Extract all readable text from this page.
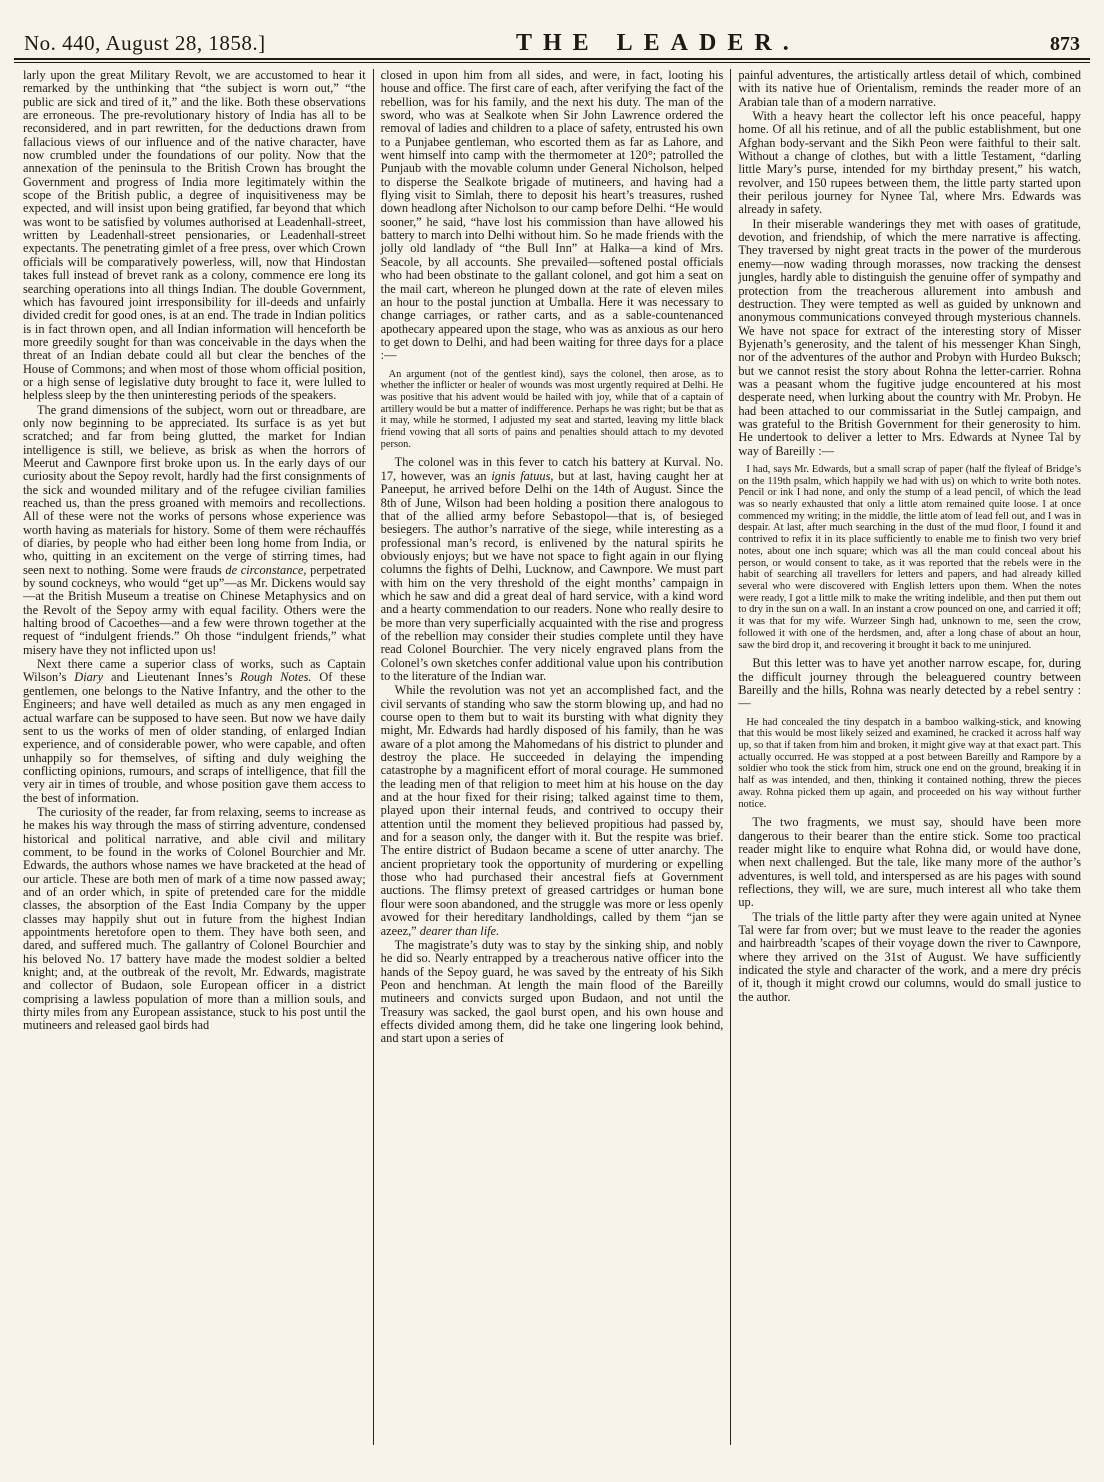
No. 440, August 28, 1858.]	THE LEADER.	873

larly upon the great Military Revolt, we are accustomed to hear it remarked by the unthinking that “the subject is worn out,” “the public are sick and tired of it,” and the like. Both these observations are erroneous. The pre-revolutionary history of India has all to be reconsidered, and in part rewritten, for the deductions drawn from fallacious views of our influence and of the native character, have now crumbled under the foundations of our polity. Now that the annexation of the peninsula to the British Crown has brought the Government and progress of India more legitimately within the scope of the British public, a degree of inquisitiveness may be expected, and will insist upon being gratified, far beyond that which was wont to be satisfied by volumes authorised at Leadenhall-street, written by Leadenhall-street pensionaries, or Leadenhall-street expectants. The penetrating gimlet of a free press, over which Crown officials will be comparatively powerless, will, now that Hindostan takes full instead of brevet rank as a colony, commence ere long its searching operations into all things Indian. The double Government, which has favoured joint irresponsibility for ill-deeds and unfairly divided credit for good ones, is at an end. The trade in Indian politics is in fact thrown open, and all Indian information will henceforth be more greedily sought for than was conceivable in the days when the threat of an Indian debate could all but clear the benches of the House of Commons; and when most of those whom official position, or a high sense of legislative duty brought to face it, were lulled to helpless sleep by the then uninteresting periods of the speakers.

The grand dimensions of the subject, worn out or threadbare, are only now beginning to be appreciated. Its surface is as yet but scratched; and far from being glutted, the market for Indian intelligence is still, we believe, as brisk as when the horrors of Meerut and Cawnpore first broke upon us. In the early days of our curiosity about the Sepoy revolt, hardly had the first consignments of the sick and wounded military and of the refugee civilian families reached us, than the press groaned with memoirs and recollections. All of these were not the works of persons whose experience was worth having as materials for history. Some of them were réchauffés of diaries, by people who had either been long home from India, or who, quitting in an excitement on the verge of stirring times, had seen next to nothing. Some were frauds de circonstance, perpetrated by sound cockneys, who would “get up”—as Mr. Dickens would say—at the British Museum a treatise on Chinese Metaphysics and on the Revolt of the Sepoy army with equal facility. Others were the halting brood of Cacoethes—and a few were thrown together at the request of “indulgent friends.” Oh those “indulgent friends,” what misery have they not inflicted upon us!

Next there came a superior class of works, such as Captain Wilson’s Diary and Lieutenant Innes’s Rough Notes. Of these gentlemen, one belongs to the Native Infantry, and the other to the Engineers; and have well detailed as much as any men engaged in actual warfare can be supposed to have seen. But now we have daily sent to us the works of men of older standing, of enlarged Indian experience, and of considerable power, who were capable, and often unhappily so for themselves, of sifting and duly weighing the conflicting opinions, rumours, and scraps of intelligence, that fill the very air in times of trouble, and whose position gave them access to the best of information.

The curiosity of the reader, far from relaxing, seems to increase as he makes his way through the mass of stirring adventure, condensed historical and political narrative, and able civil and military comment, to be found in the works of Colonel Bourchier and Mr. Edwards, the authors whose names we have bracketed at the head of our article. These are both men of mark of a time now passed away; and of an order which, in spite of pretended care for the middle classes, the absorption of the East India Company by the upper classes may happily shut out in future from the highest Indian appointments heretofore open to them. They have both seen, and dared, and suffered much. The gallantry of Colonel Bourchier and his beloved No. 17 battery have made the modest soldier a belted knight; and, at the outbreak of the revolt, Mr. Edwards, magistrate and collector of Budaon, sole European officer in a district comprising a lawless population of more than a million souls, and thirty miles from any European assistance, stuck to his post until the mutineers and released gaol birds had

closed in upon him from all sides, and were, in fact, looting his house and office. The first care of each, after verifying the fact of the rebellion, was for his family, and the next his duty. The man of the sword, who was at Sealkote when Sir John Lawrence ordered the removal of ladies and children to a place of safety, entrusted his own to a Punjabee gentleman, who escorted them as far as Lahore, and went himself into camp with the thermometer at 120°; patrolled the Punjaub with the movable column under General Nicholson, helped to disperse the Sealkote brigade of mutineers, and having had a flying visit to Simlah, there to deposit his heart’s treasures, rushed down headlong after Nicholson to our camp before Delhi. “He would sooner,” he said, “have lost his commission than have allowed his battery to march into Delhi without him. So he made friends with the jolly old landlady of “the Bull Inn” at Halka—a kind of Mrs. Seacole, by all accounts. She prevailed—softened postal officials who had been obstinate to the gallant colonel, and got him a seat on the mail cart, whereon he plunged down at the rate of eleven miles an hour to the postal junction at Umballa. Here it was necessary to change carriages, or rather carts, and as a sable-countenanced apothecary appeared upon the stage, who was as anxious as our hero to get down to Delhi, and had been waiting for three days for a place :—

An argument (not of the gentlest kind), says the colonel, then arose, as to whether the inflicter or healer of wounds was most urgently required at Delhi. He was positive that his advent would be hailed with joy, while that of a captain of artillery would be but a matter of indifference. Perhaps he was right; but be that as it may, while he stormed, I adjusted my seat and started, leaving my little black friend vowing that all sorts of pains and penalties should attach to my devoted person.

The colonel was in this fever to catch his battery at Kurval. No. 17, however, was an ignis fatuus, but at last, having caught her at Paneeput, he arrived before Delhi on the 14th of August. Since the 8th of June, Wilson had been holding a position there analogous to that of the allied army before Sebastopol—that is, of besieged besiegers. The author’s narrative of the siege, while interesting as a professional man’s record, is enlivened by the natural spirits he obviously enjoys; but we have not space to fight again in our flying columns the fights of Delhi, Lucknow, and Cawnpore. We must part with him on the very threshold of the eight months’ campaign in which he saw and did a great deal of hard service, with a kind word and a hearty commendation to our readers. None who really desire to be more than very superficially acquainted with the rise and progress of the rebellion may consider their studies complete until they have read Colonel Bourchier. The very nicely engraved plans from the Colonel’s own sketches confer additional value upon his contribution to the literature of the Indian war.

While the revolution was not yet an accomplished fact, and the civil servants of standing who saw the storm blowing up, and had no course open to them but to wait its bursting with what dignity they might, Mr. Edwards had hardly disposed of his family, than he was aware of a plot among the Mahomedans of his district to plunder and destroy the place. He succeeded in delaying the impending catastrophe by a magnificent effort of moral courage. He summoned the leading men of that religion to meet him at his house on the day and at the hour fixed for their rising; talked against time to them, played upon their internal feuds, and contrived to occupy their attention until the moment they believed propitious had passed by, and for a season only, the danger with it. But the respite was brief. The entire district of Budaon became a scene of utter anarchy. The ancient proprietary took the opportunity of murdering or expelling those who had purchased their ancestral fiefs at Government auctions. The flimsy pretext of greased cartridges or human bone flour were soon abandoned, and the struggle was more or less openly avowed for their hereditary landholdings, called by them “jan se azeez,” dearer than life.

The magistrate’s duty was to stay by the sinking ship, and nobly he did so. Nearly entrapped by a treacherous native officer into the hands of the Sepoy guard, he was saved by the entreaty of his Sikh Peon and henchman. At length the main flood of the Bareilly mutineers and convicts surged upon Budaon, and not until the Treasury was sacked, the gaol burst open, and his own house and effects divided among them, did he take one lingering look behind, and start upon a series of

painful adventures, the artistically artless detail of which, combined with its native hue of Orientalism, reminds the reader more of an Arabian tale than of a modern narrative.

With a heavy heart the collector left his once peaceful, happy home. Of all his retinue, and of all the public establishment, but one Afghan body-servant and the Sikh Peon were faithful to their salt. Without a change of clothes, but with a little Testament, “darling little Mary’s purse, intended for my birthday present,” his watch, revolver, and 150 rupees between them, the little party started upon their perilous journey for Nynee Tal, where Mrs. Edwards was already in safety.

In their miserable wanderings they met with oases of gratitude, devotion, and friendship, of which the mere narrative is affecting. They traversed by night great tracts in the power of the murderous enemy—now wading through morasses, now tracking the densest jungles, hardly able to distinguish the genuine offer of sympathy and protection from the treacherous allurement into ambush and destruction. They were tempted as well as guided by unknown and anonymous communications conveyed through mysterious channels. We have not space for extract of the interesting story of Misser Byjenath’s generosity, and the talent of his messenger Khan Singh, nor of the adventures of the author and Probyn with Hurdeo Buksch; but we cannot resist the story about Rohna the letter-carrier. Rohna was a peasant whom the fugitive judge encountered at his most desperate need, when lurking about the country with Mr. Probyn. He had been attached to our commissariat in the Sutlej campaign, and was grateful to the British Government for their generosity to him. He undertook to deliver a letter to Mrs. Edwards at Nynee Tal by way of Bareilly :—

I had, says Mr. Edwards, but a small scrap of paper (half the flyleaf of Bridge’s on the 119th psalm, which happily we had with us) on which to write both notes. Pencil or ink I had none, and only the stump of a lead pencil, of which the lead was so nearly exhausted that only a little atom remained quite loose. I at once commenced my writing; in the middle, the little atom of lead fell out, and I was in despair. At last, after much searching in the dust of the mud floor, I found it and contrived to refix it in its place sufficiently to enable me to finish two very brief notes, about one inch square; which was all the man could conceal about his person, or would consent to take, as it was reported that the rebels were in the habit of searching all travellers for letters and papers, and had already killed several who were discovered with English letters upon them. When the notes were ready, I got a little milk to make the writing indelible, and then put them out to dry in the sun on a wall. In an instant a crow pounced on one, and carried it off; it was that for my wife. Wurzeer Singh had, unknown to me, seen the crow, followed it with one of the herdsmen, and, after a long chase of about an hour, saw the bird drop it, and recovering it brought it back to me uninjured.

But this letter was to have yet another narrow escape, for, during the difficult journey through the beleaguered country between Bareilly and the hills, Rohna was nearly detected by a rebel sentry :—

He had concealed the tiny despatch in a bamboo walking-stick, and knowing that this would be most likely seized and examined, he cracked it across half way up, so that if taken from him and broken, it might give way at that exact part. This actually occurred. He was stopped at a post between Bareilly and Rampore by a soldier who took the stick from him, struck one end on the ground, breaking it in half as was intended, and then, thinking it contained nothing, threw the pieces away. Rohna picked them up again, and proceeded on his way without further notice.

The two fragments, we must say, should have been more dangerous to their bearer than the entire stick. Some too practical reader might like to enquire what Rohna did, or would have done, when next challenged. But the tale, like many more of the author’s adventures, is well told, and interspersed as are his pages with sound reflections, they will, we are sure, much interest all who take them up.

The trials of the little party after they were again united at Nynee Tal were far from over; but we must leave to the reader the agonies and hairbreadth ’scapes of their voyage down the river to Cawnpore, where they arrived on the 31st of August. We have sufficiently indicated the style and character of the work, and a mere dry précis of it, though it might crowd our columns, would do small justice to the author.
